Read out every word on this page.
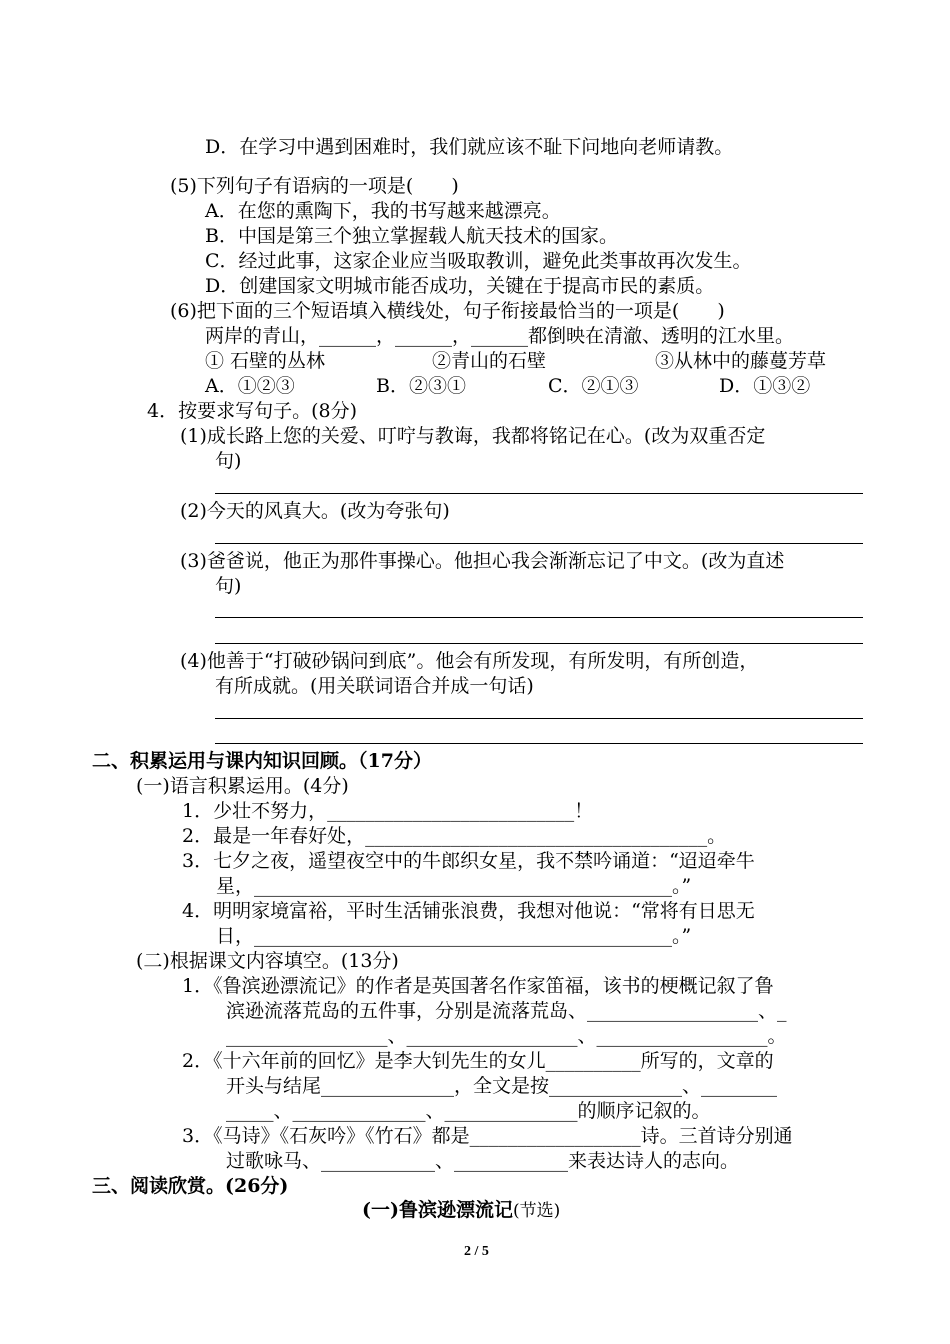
D．在学习中遇到困难时，我们就应该不耻下问地向老师请教。
(5)下列句子有语病的一项是(　　)
A．在您的熏陶下，我的书写越来越漂亮。
B．中国是第三个独立掌握载人航天技术的国家。
C．经过此事，这家企业应当吸取教训，避免此类事故再次发生。
D．创建国家文明城市能否成功，关键在于提高市民的素质。
(6)把下面的三个短语填入横线处，句子衔接最恰当的一项是(　　)
两岸的青山，______，______，______都倒映在清澈、透明的江水里。
① 石壁的丛林	②青山的石壁	③从林中的藤蔓芳草
A．①②③	B．②③①	C．②①③	D．①③②
4．按要求写句子。(8分)
(1)成长路上您的关爱、叮咛与教诲，我都将铭记在心。(改为双重否定
句)
(2)今天的风真大。(改为夸张句)
(3)爸爸说，他正为那件事操心。他担心我会渐渐忘记了中文。(改为直述
句)
(4)他善于“打破砂锅问到底”。他会有所发现，有所发明，有所创造，
有所成就。(用关联词语合并成一句话)
二、积累运用与课内知识回顾。（17分）
(一)语言积累运用。(4分)
1．少壮不努力，__________________________！
2．最是一年春好处，____________________________________。
3．七夕之夜，遥望夜空中的牛郎织女星，我不禁吟诵道：“迢迢牵牛
星，____________________________________________。”
4．明明家境富裕，平时生活铺张浪费，我想对他说：“常将有日思无
日，____________________________________________。”
(二)根据课文内容填空。(13分)
1．《鲁滨逊漂流记》的作者是英国著名作家笛福，该书的梗概记叙了鲁
滨逊流落荒岛的五件事，分别是流落荒岛、__________________、_
_________________、__________________、__________________。
2．《十六年前的回忆》是李大钊先生的女儿__________所写的，文章的
开头与结尾______________，全文是按______________、________
_____、______________、______________的顺序记叙的。
3．《马诗》《石灰吟》《竹石》都是__________________诗。三首诗分别通
过歌咏马、____________、____________来表达诗人的志向。
三、阅读欣赏。(26分)
(一)鲁滨逊漂流记(节选)
2 / 5
